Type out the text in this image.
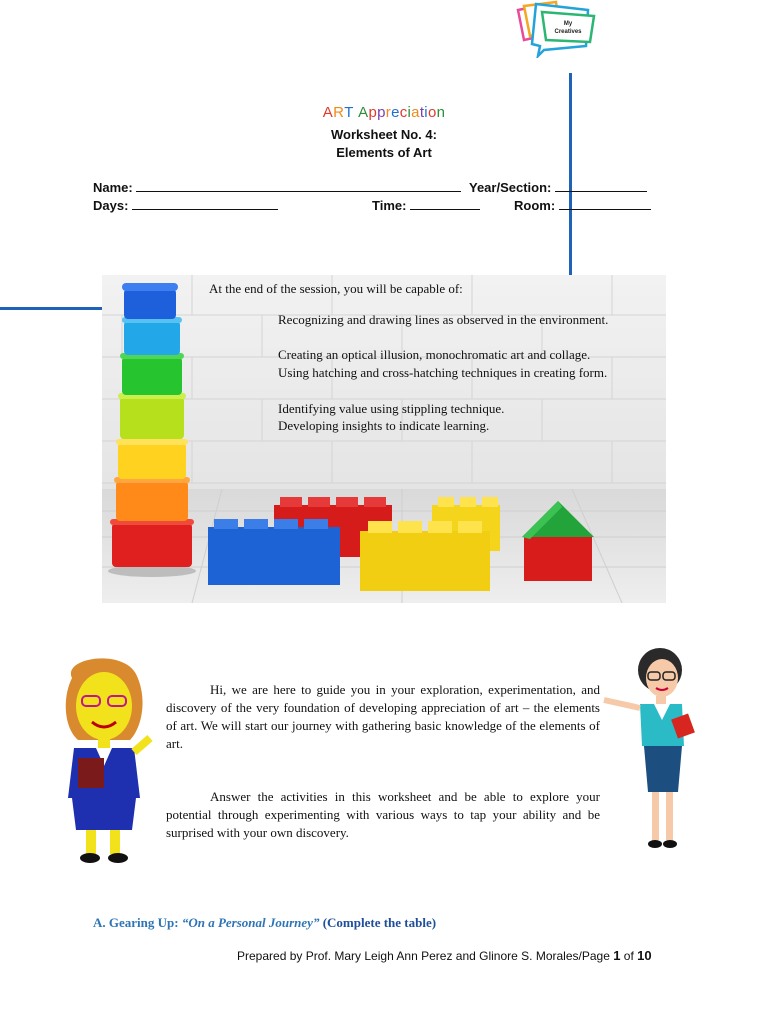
My
Creatives
ART Appreciation
Worksheet No. 4:
Elements of Art
Name:	Year/Section:
Days:	Time:	Room:
At the end of the session, you will be capable of:
Recognizing and drawing lines as observed in the environment.
Creating an optical illusion, monochromatic art and collage.
Using hatching and cross-hatching techniques in creating form.
Identifying value using stippling technique.
Developing insights to indicate learning.
Hi, we are here to guide you in your exploration, experimentation, and discovery of the very foundation of developing appreciation of art – the elements of art. We will start our journey with gathering basic knowledge of the elements of art.
Answer the activities in this worksheet and be able to explore your potential through experimenting with various ways to tap your ability and be surprised with your own discovery.
A. Gearing Up: “On a Personal Journey” (Complete the table)
Prepared by Prof. Mary Leigh Ann Perez and Glinore S. Morales/Page 1 of 10
